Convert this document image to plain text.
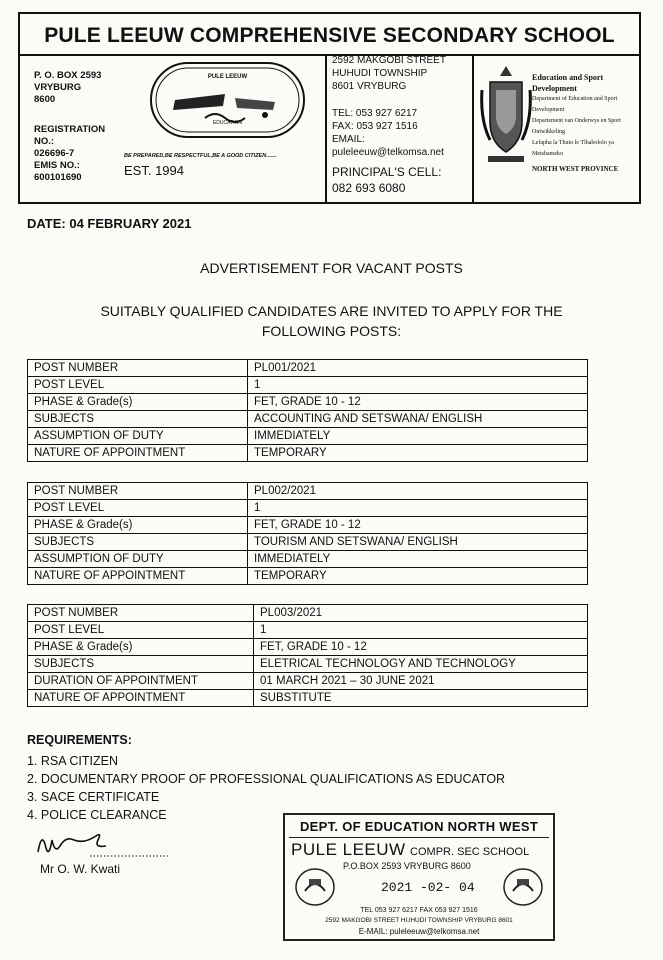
PULE LEEUW COMPREHENSIVE SECONDARY SCHOOL
P. O. BOX 2593
VRYBURG
8600
REGISTRATION
NO.:
026696-7
EMIS NO.:
600101690
PULE LEEUW
EDUCATION
BE PREPARED,BE RESPECTFUL,BE A GOOD CITIZEN.......
EST. 1994
2592 MAKGOBI STREET
HUHUDI TOWNSHIP
8601 VRYBURG
TEL: 053 927 6217
FAX: 053 927 1516
EMAIL:
puleleeuw@telkomsa.net
PRINCIPAL'S CELL:
082 693 6080
Education and Sport Development
Department of Education and Sport Development
Departement van Onderwys en Sport Ontwikkeling
Lefapha la Thuto le Tlhabololo ya Metshameko
NORTH WEST PROVINCE
DATE: 04 FEBRUARY 2021
ADVERTISEMENT FOR VACANT POSTS
SUITABLY QUALIFIED CANDIDATES ARE INVITED TO APPLY FOR THE
FOLLOWING POSTS:
POST NUMBER	PL001/2021
POST LEVEL	1
PHASE & Grade(s)	FET, GRADE 10 - 12
SUBJECTS	ACCOUNTING AND SETSWANA/ ENGLISH
ASSUMPTION OF DUTY	IMMEDIATELY
NATURE OF APPOINTMENT	TEMPORARY
POST NUMBER	PL002/2021
POST LEVEL	1
PHASE & Grade(s)	FET, GRADE 10 - 12
SUBJECTS	TOURISM AND SETSWANA/ ENGLISH
ASSUMPTION OF DUTY	IMMEDIATELY
NATURE OF APPOINTMENT	TEMPORARY
POST NUMBER	PL003/2021
POST LEVEL	1
PHASE & Grade(s)	FET, GRADE 10 - 12
SUBJECTS	ELETRICAL TECHNOLOGY AND TECHNOLOGY
DURATION OF APPOINTMENT	01 MARCH 2021 – 30 JUNE 2021
NATURE OF APPOINTMENT	SUBSTITUTE
REQUIREMENTS:
1. RSA CITIZEN
2. DOCUMENTARY PROOF OF PROFESSIONAL QUALIFICATIONS AS EDUCATOR
3. SACE CERTIFICATE
4. POLICE CLEARANCE
Mr O. W. Kwati
DEPT. OF EDUCATION NORTH WEST
PULE LEEUW COMPR. SEC SCHOOL
P.O.BOX 2593 VRYBURG 8600
2021 -02- 04
TEL 053 927 6217 FAX 053 927 1516
2592 MAKGOBI STREET HUHUDI TOWNSHIP VRYBURG 8601
E-MAIL: puleleeuw@telkomsa.net
